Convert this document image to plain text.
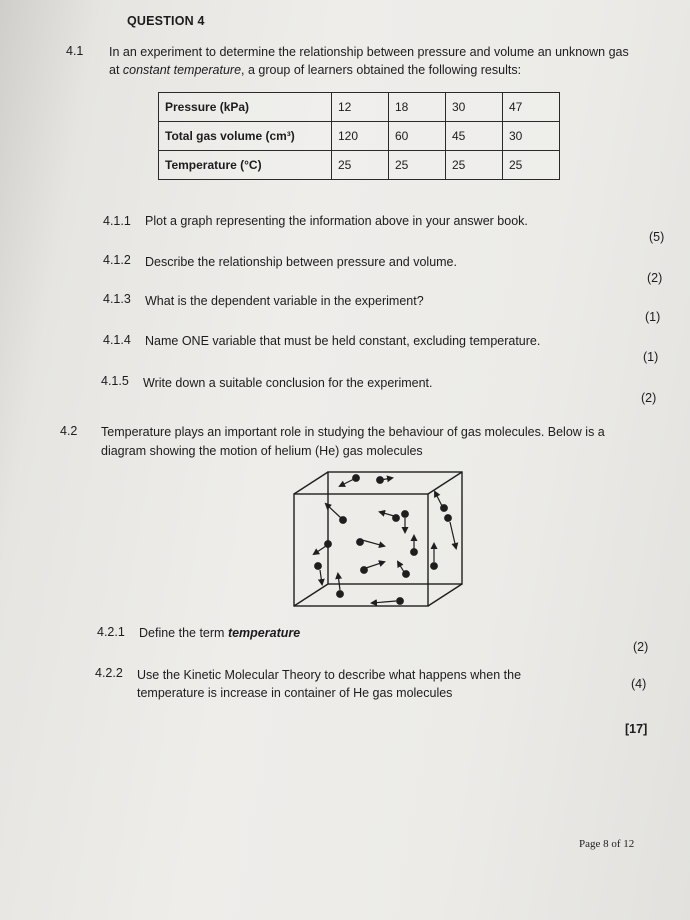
QUESTION 4
4.1 In an experiment to determine the relationship between pressure and volume an unknown gas
at constant temperature, a group of learners obtained the following results:
Pressure (kPa)	12	18	30	47
Total gas volume (cm³)	120	60	45	30
Temperature (°C)	25	25	25	25
4.1.1 Plot a graph representing the information above in your answer book.
(5)
4.1.2 Describe the relationship between pressure and volume.
(2)
4.1.3 What is the dependent variable in the experiment?
(1)
4.1.4 Name ONE variable that must be held constant, excluding temperature.
(1)
4.1.5 Write down a suitable conclusion for the experiment.
(2)
4.2 Temperature plays an important role in studying the behaviour of gas molecules. Below is a
diagram showing the motion of helium (He) gas molecules
4.2.1 Define the term temperature
(2)
4.2.2 Use the Kinetic Molecular Theory to describe what happens when the
temperature is increase in container of He gas molecules
(4)
[17]
Page 8 of 12
